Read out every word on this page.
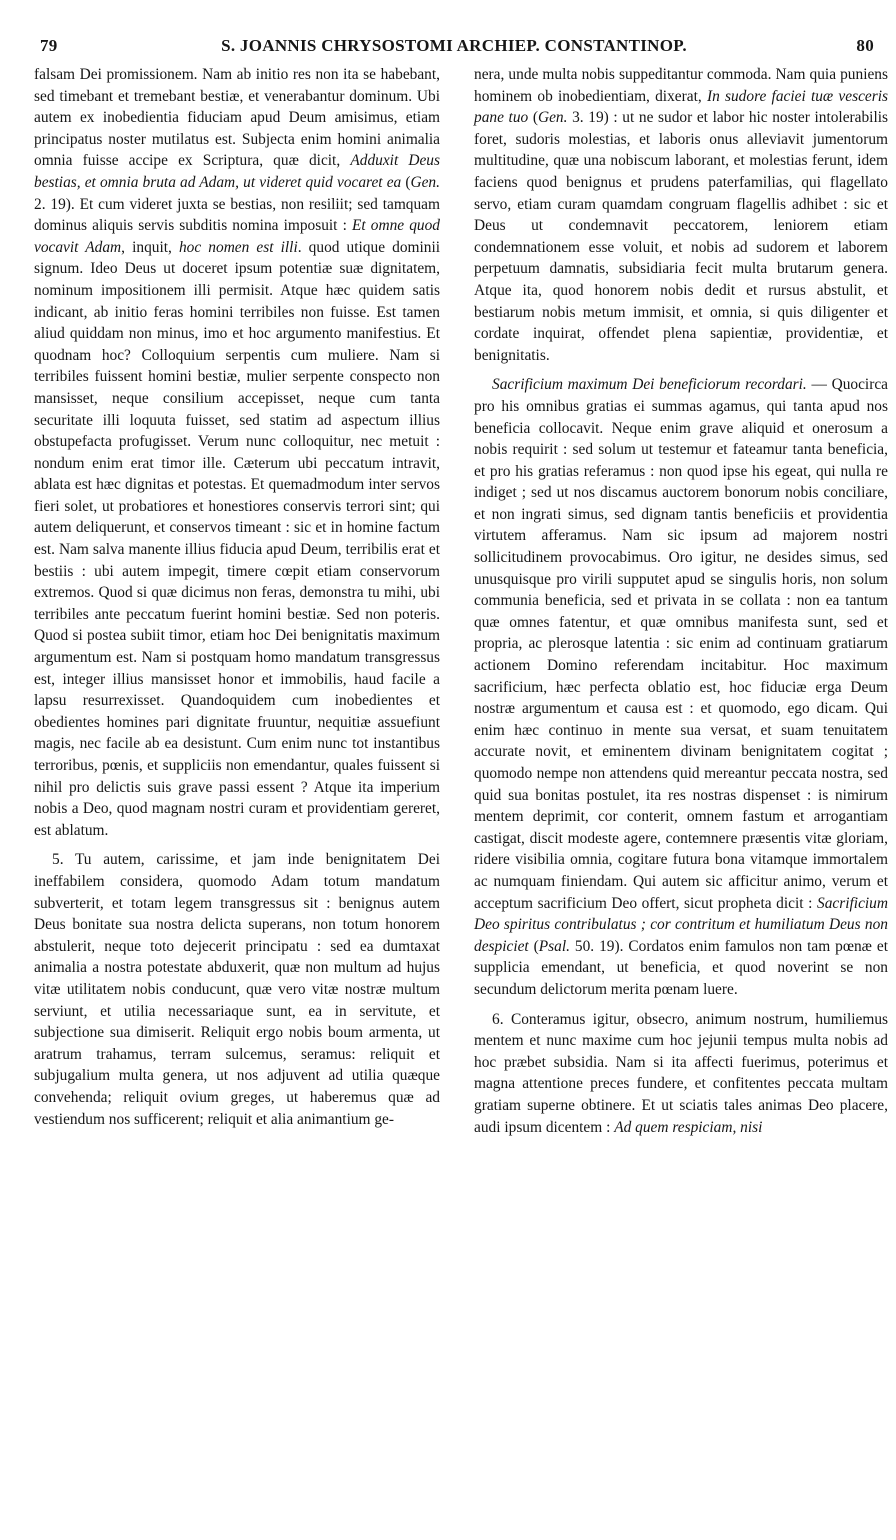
79	S. JOANNIS CHRYSOSTOMI ARCHIEP. CONSTANTINOP.	80

falsam Dei promissionem. Nam ab initio res non ita se habebant, sed timebant et tremebant bestiæ, et venerabantur dominum. Ubi autem ex inobedientia fiduciam apud Deum amisimus, etiam principatus noster mutilatus est. Subjecta enim homini animalia omnia fuisse accipe ex Scriptura, quæ dicit, Adduxit Deus bestias, et omnia bruta ad Adam, ut videret quid vocaret ea (Gen. 2. 19). Et cum videret juxta se bestias, non resiliit; sed tamquam dominus aliquis servis subditis nomina imposuit : Et omne quod vocavit Adam, inquit, hoc nomen est illi. quod utique dominii signum. Ideo Deus ut doceret ipsum potentiæ suæ dignitatem, nominum impositionem illi permisit. Atque hæc quidem satis indicant, ab initio feras homini terribiles non fuisse. Est tamen aliud quiddam non minus, imo et hoc argumento manifestius. Et quodnam hoc? Colloquium serpentis cum muliere. Nam si terribiles fuissent homini bestiæ, mulier serpente conspecto non mansisset, neque consilium accepisset, neque cum tanta securitate illi loquuta fuisset, sed statim ad aspectum illius obstupefacta profugisset. Verum nunc colloquitur, nec metuit : nondum enim erat timor ille. Cæterum ubi peccatum intravit, ablata est hæc dignitas et potestas. Et quemadmodum inter servos fieri solet, ut probatiores et honestiores conservis terrori sint; qui autem deliquerunt, et conservos timeant : sic et in homine factum est. Nam salva manente illius fiducia apud Deum, terribilis erat et bestiis : ubi autem impegit, timere cœpit etiam conservorum extremos. Quod si quæ dicimus non feras, demonstra tu mihi, ubi terribiles ante peccatum fuerint homini bestiæ. Sed non poteris. Quod si postea subiit timor, etiam hoc Dei benignitatis maximum argumentum est. Nam si postquam homo mandatum transgressus est, integer illius mansisset honor et immobilis, haud facile a lapsu resurrexisset. Quandoquidem cum inobedientes et obedientes homines pari dignitate fruuntur, nequitiæ assuefiunt magis, nec facile ab ea desistunt. Cum enim nunc tot instantibus terroribus, pœnis, et suppliciis non emendantur, quales fuissent si nihil pro delictis suis grave passi essent ? Atque ita imperium nobis a Deo, quod magnam nostri curam et providentiam gereret, est ablatum.

5. Tu autem, carissime, et jam inde benignitatem Dei ineffabilem considera, quomodo Adam totum mandatum subverterit, et totam legem transgressus sit : benignus autem Deus bonitate sua nostra delicta superans, non totum honorem abstulerit, neque toto dejecerit principatu : sed ea dumtaxat animalia a nostra potestate abduxerit, quæ non multum ad hujus vitæ utilitatem nobis conducunt, quæ vero vitæ nostræ multum serviunt, et utilia necessariaque sunt, ea in servitute, et subjectione sua dimiserit. Reliquit ergo nobis boum armenta, ut aratrum trahamus, terram sulcemus, seramus: reliquit et subjugalium multa genera, ut nos adjuvent ad utilia quæque convehenda; reliquit ovium greges, ut haberemus quæ ad vestiendum nos sufficerent; reliquit et alia animantium ge-

nera, unde multa nobis suppeditantur commoda. Nam quia puniens hominem ob inobedientiam, dixerat, In sudore faciei tuæ vesceris pane tuo (Gen. 3. 19) : ut ne sudor et labor hic noster intolerabilis foret, sudoris molestias, et laboris onus alleviavit jumentorum multitudine, quæ una nobiscum laborant, et molestias ferunt, idem faciens quod benignus et prudens paterfamilias, qui flagellato servo, etiam curam quamdam congruam flagellis adhibet : sic et Deus ut condemnavit peccatorem, leniorem etiam condemnationem esse voluit, et nobis ad sudorem et laborem perpetuum damnatis, subsidiaria fecit multa brutarum genera. Atque ita, quod honorem nobis dedit et rursus abstulit, et bestiarum nobis metum immisit, et omnia, si quis diligenter et cordate inquirat, offendet plena sapientiæ, providentiæ, et benignitatis.

Sacrificium maximum Dei beneficiorum recordari. — Quocirca pro his omnibus gratias ei summas agamus, qui tanta apud nos beneficia collocavit. Neque enim grave aliquid et onerosum a nobis requirit : sed solum ut testemur et fateamur tanta beneficia, et pro his gratias referamus : non quod ipse his egeat, qui nulla re indiget ; sed ut nos discamus auctorem bonorum nobis conciliare, et non ingrati simus, sed dignam tantis beneficiis et providentia virtutem afferamus. Nam sic ipsum ad majorem nostri sollicitudinem provocabimus. Oro igitur, ne desides simus, sed unusquisque pro virili supputet apud se singulis horis, non solum communia beneficia, sed et privata in se collata : non ea tantum quæ omnes fatentur, et quæ omnibus manifesta sunt, sed et propria, ac plerosque latentia : sic enim ad continuam gratiarum actionem Domino referendam incitabitur. Hoc maximum sacrificium, hæc perfecta oblatio est, hoc fiduciæ erga Deum nostræ argumentum et causa est : et quomodo, ego dicam. Qui enim hæc continuo in mente sua versat, et suam tenuitatem accurate novit, et eminentem divinam benignitatem cogitat ; quomodo nempe non attendens quid mereantur peccata nostra, sed quid sua bonitas postulet, ita res nostras dispenset : is nimirum mentem deprimit, cor conterit, omnem fastum et arrogantiam castigat, discit modeste agere, contemnere præsentis vitæ gloriam, ridere visibilia omnia, cogitare futura bona vitamque immortalem ac numquam finiendam. Qui autem sic afficitur animo, verum et acceptum sacrificium Deo offert, sicut propheta dicit : Sacrificium Deo spiritus contribulatus ; cor contritum et humiliatum Deus non despiciet (Psal. 50. 19). Cordatos enim famulos non tam pœnæ et supplicia emendant, ut beneficia, et quod noverint se non secundum delictorum merita pœnam luere.

6. Conteramus igitur, obsecro, animum nostrum, humiliemus mentem et nunc maxime cum hoc jejunii tempus multa nobis ad hoc præbet subsidia. Nam si ita affecti fuerimus, poterimus et magna attentione preces fundere, et confitentes peccata multam gratiam superne obtinere. Et ut sciatis tales animas Deo placere, audi ipsum dicentem : Ad quem respiciam, nisi
